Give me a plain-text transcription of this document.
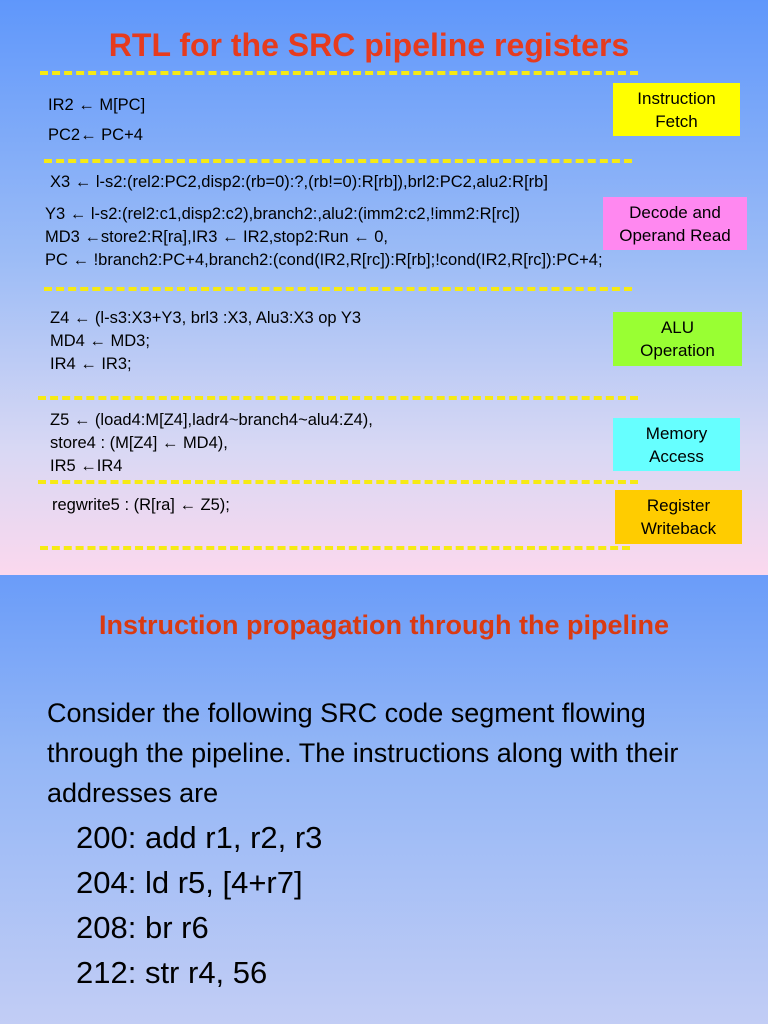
RTL for the SRC pipeline registers
IR2 ← M[PC]
PC2← PC+4
Instruction
Fetch
X3 ← l-s2:(rel2:PC2,disp2:(rb=0):?,(rb!=0):R[rb]),brl2:PC2,alu2:R[rb]
Y3 ← l-s2:(rel2:c1,disp2:c2),branch2:,alu2:(imm2:c2,!imm2:R[rc])
MD3 ←store2:R[ra],IR3 ← IR2,stop2:Run ← 0,
PC ← !branch2:PC+4,branch2:(cond(IR2,R[rc]):R[rb];!cond(IR2,R[rc]):PC+4;
Decode and
Operand Read
Z4 ← (l-s3:X3+Y3, brl3 :X3, Alu3:X3 op Y3
MD4 ← MD3;
IR4 ← IR3;
ALU
Operation
Z5 ← (load4:M[Z4],ladr4~branch4~alu4:Z4),
store4 : (M[Z4] ← MD4),
IR5 ←IR4
Memory
Access
regwrite5 : (R[ra] ← Z5);	Register
Writeback
Instruction propagation through the pipeline
Consider the following SRC code segment flowing through the pipeline. The instructions along with their addresses are
200: add r1, r2, r3
204: ld r5, [4+r7]
208: br r6
212: str r4, 56
